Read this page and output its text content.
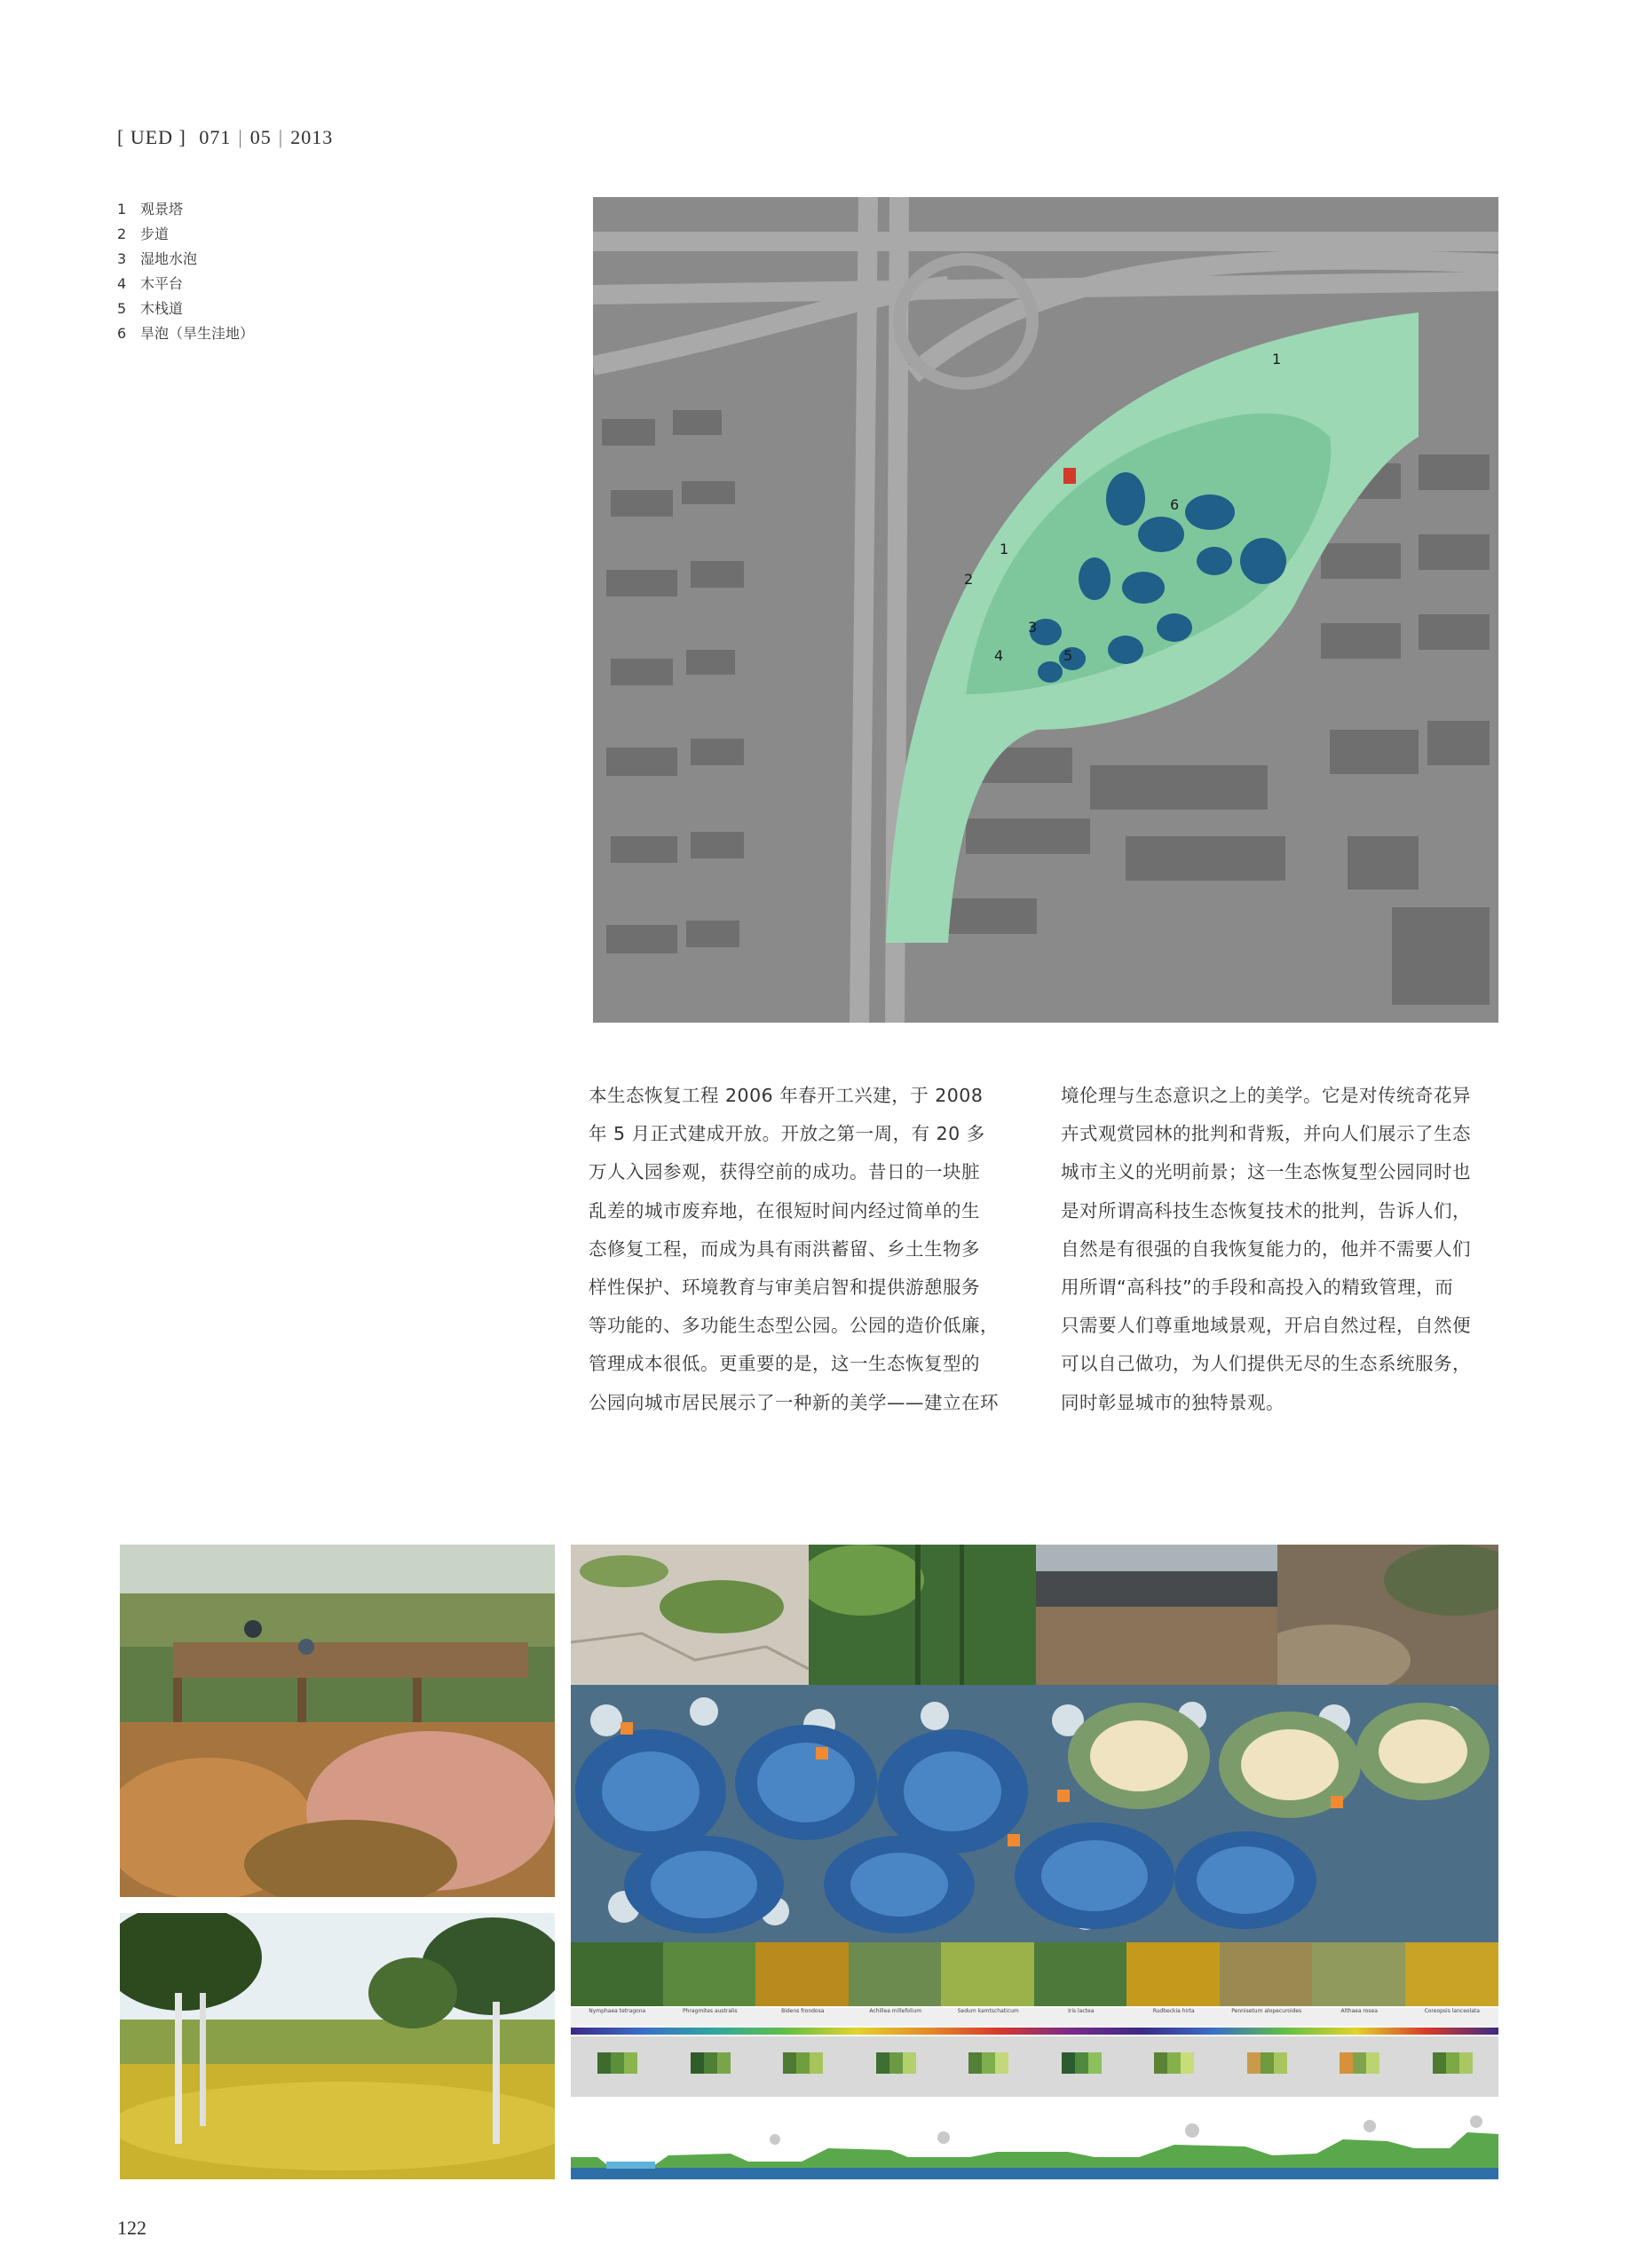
[ UED ] 071 | 05 | 2013
1 观景塔
2 步道
3 湿地水泡
4 木平台
5 木栈道
6 旱泡（旱生洼地）
1
1
2
3
4	5
6
本生态恢复工程 2006 年春开工兴建，于 2008
年 5 月正式建成开放。开放之第一周，有 20 多
万人入园参观，获得空前的成功。昔日的一块脏
乱差的城市废弃地，在很短时间内经过简单的生
态修复工程，而成为具有雨洪蓄留、乡土生物多
样性保护、环境教育与审美启智和提供游憩服务
等功能的、多功能生态型公园。公园的造价低廉，
管理成本很低。更重要的是，这一生态恢复型的
公园向城市居民展示了一种新的美学——建立在环
境伦理与生态意识之上的美学。它是对传统奇花异
卉式观赏园林的批判和背叛，并向人们展示了生态
城市主义的光明前景；这一生态恢复型公园同时也
是对所谓高科技生态恢复技术的批判，告诉人们，
自然是有很强的自我恢复能力的，他并不需要人们
用所谓“高科技”的手段和高投入的精致管理，而
只需要人们尊重地域景观，开启自然过程，自然便
可以自己做功，为人们提供无尽的生态系统服务，
同时彰显城市的独特景观。
Nymphaea tetragona	Phragmites australis	Bidens frondosa	Achillea millefolium	Sedum kamtschaticum	Iris lactea	Rudbeckia hirta	Pennisetum alopecuroides	Althaea rosea	Coreopsis lanceolata
122
